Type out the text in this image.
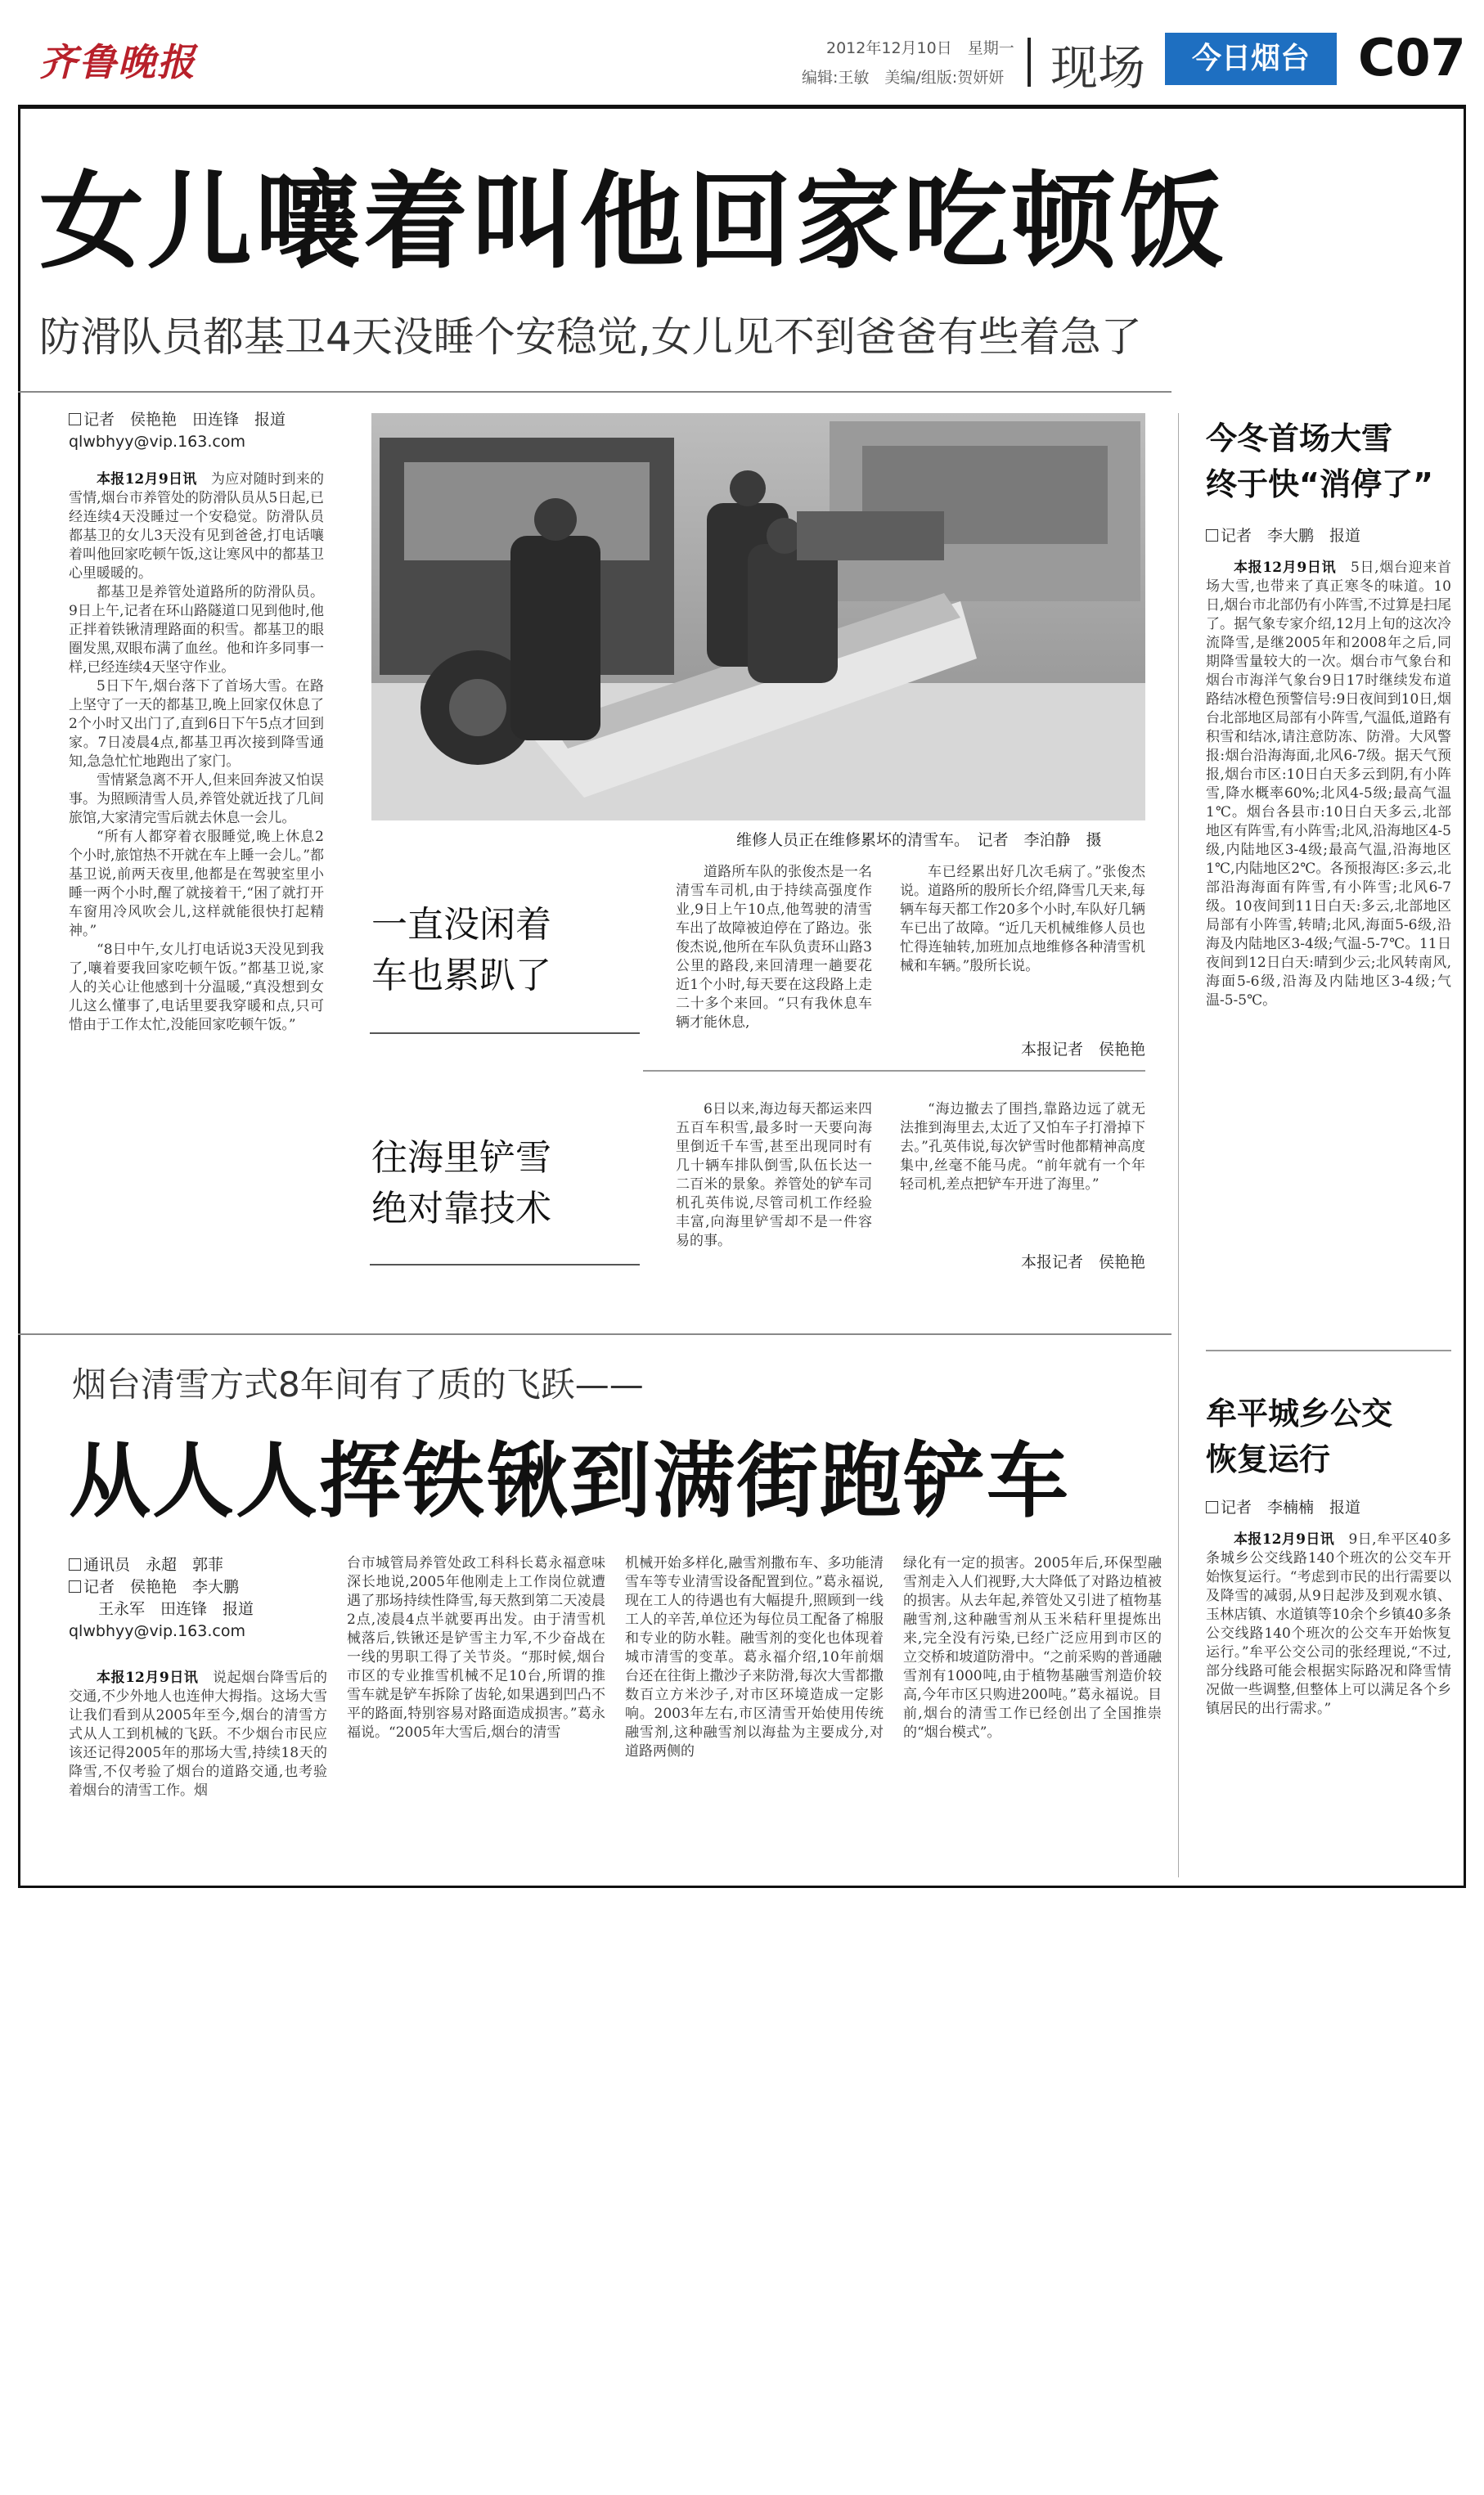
齐鲁晚报	2012年12月10日　星期一
编辑:王敏　美编/组版:贺妍妍 现场	今日烟台 C07
女儿嚷着叫他回家吃顿饭
防滑队员都基卫4天没睡个安稳觉,女儿见不到爸爸有些着急了
记者　侯艳艳　田连锋　报道
qlwbhyy@vip.163.com

本报12月9日讯　 为应对随时到来的雪情,烟台市养管处的防滑队员从5日起,已经连续4天没睡过一个安稳觉。防滑队员都基卫的女儿3天没有见到爸爸,打电话嚷着叫他回家吃顿午饭,这让寒风中的都基卫心里暖暖的。

都基卫是养管处道路所的防滑队员。9日上午,记者在环山路隧道口见到他时,他正拌着铁锹清理路面的积雪。都基卫的眼圈发黑,双眼布满了血丝。他和许多同事一样,已经连续4天坚守作业。

5日下午,烟台落下了首场大雪。在路上坚守了一天的都基卫,晚上回家仅休息了2个小时又出门了,直到6日下午5点才回到家。7日凌晨4点,都基卫再次接到降雪通知,急急忙忙地跑出了家门。

雪情紧急离不开人,但来回奔波又怕误事。为照顾清雪人员,养管处就近找了几间旅馆,大家清完雪后就去休息一会儿。

“所有人都穿着衣服睡觉,晚上休息2个小时,旅馆热不开就在车上睡一会儿。”都基卫说,前两天夜里,他都是在驾驶室里小睡一两个小时,醒了就接着干,“困了就打开车窗用冷风吹会儿,这样就能很快打起精神。”

“8日中午,女儿打电话说3天没见到我了,嚷着要我回家吃顿午饭。”都基卫说,家人的关心让他感到十分温暖,“真没想到女儿这么懂事了,电话里要我穿暖和点,只可惜由于工作太忙,没能回家吃顿午饭。”

维修人员正在维修累坏的清雪车。　记者　李泊静　摄
一直没闲着
车也累趴了
往海里铲雪
绝对靠技术

道路所车队的张俊杰是一名清雪车司机,由于持续高强度作业,9日上午10点,他驾驶的清雪车出了故障被迫停在了路边。张俊杰说,他所在车队负责环山路3公里的路段,来回清理一趟要花近1个小时,每天要在这段路上走二十多个来回。“只有我休息车辆才能休息,

车已经累出好几次毛病了。”张俊杰说。道路所的殷所长介绍,降雪几天来,每辆车每天都工作20多个小时,车队好几辆车已出了故障。“近几天机械维修人员也忙得连轴转,加班加点地维修各种清雪机械和车辆。”殷所长说。

本报记者　侯艳艳

6日以来,海边每天都运来四五百车积雪,最多时一天要向海里倒近千车雪,甚至出现同时有几十辆车排队倒雪,队伍长达一二百米的景象。养管处的铲车司机孔英伟说,尽管司机工作经验丰富,向海里铲雪却不是一件容易的事。

“海边撤去了围挡,靠路边远了就无法推到海里去,太近了又怕车子打滑掉下去。”孔英伟说,每次铲雪时他都精神高度集中,丝毫不能马虎。“前年就有一个年轻司机,差点把铲车开进了海里。”

本报记者　侯艳艳
今冬首场大雪
终于快“消停了”
记者　李大鹏　报道

本报12月9日讯　 5日,烟台迎来首场大雪,也带来了真正寒冬的味道。10日,烟台市北部仍有小阵雪,不过算是扫尾了。据气象专家介绍,12月上旬的这次冷流降雪,是继2005年和2008年之后,同期降雪量较大的一次。烟台市气象台和烟台市海洋气象台9日17时继续发布道路结冰橙色预警信号:9日夜间到10日,烟台北部地区局部有小阵雪,气温低,道路有积雪和结冰,请注意防冻、防滑。大风警报:烟台沿海海面,北风6-7级。据天气预报,烟台市区:10日白天多云到阴,有小阵雪,降水概率60%;北风4-5级;最高气温1℃。烟台各县市:10日白天多云,北部地区有阵雪,有小阵雪;北风,沿海地区4-5级,内陆地区3-4级;最高气温,沿海地区1℃,内陆地区2℃。各预报海区:多云,北部沿海海面有阵雪,有小阵雪;北风6-7级。10夜间到11日白天:多云,北部地区局部有小阵雪,转晴;北风,海面5-6级,沿海及内陆地区3-4级;气温-5-7℃。11日夜间到12日白天:晴到少云;北风转南风,海面5-6级,沿海及内陆地区3-4级;气温-5-5℃。

牟平城乡公交
恢复运行
记者　李楠楠　报道

本报12月9日讯　 9日,牟平区40多条城乡公交线路140个班次的公交车开始恢复运行。“考虑到市民的出行需要以及降雪的减弱,从9日起涉及到观水镇、玉林店镇、水道镇等10余个乡镇40多条公交线路140个班次的公交车开始恢复运行。”牟平公交公司的张经理说,“不过,部分线路可能会根据实际路况和降雪情况做一些调整,但整体上可以满足各个乡镇居民的出行需求。”

烟台清雪方式8年间有了质的飞跃——
从人人挥铁锹到满街跑铲车
通讯员　永超　郭菲
记者　侯艳艳　李大鹏
王永军　田连锋　报道
qlwbhyy@vip.163.com

本报12月9日讯　 说起烟台降雪后的交通,不少外地人也连伸大拇指。这场大雪让我们看到从2005年至今,烟台的清雪方式从人工到机械的飞跃。不少烟台市民应该还记得2005年的那场大雪,持续18天的降雪,不仅考验了烟台的道路交通,也考验着烟台的清雪工作。烟

台市城管局养管处政工科科长葛永福意味深长地说,2005年他刚走上工作岗位就遭遇了那场持续性降雪,每天熬到第二天凌晨2点,凌晨4点半就要再出发。由于清雪机械落后,铁锹还是铲雪主力军,不少奋战在一线的男职工得了关节炎。“那时候,烟台市区的专业推雪机械不足10台,所谓的推雪车就是铲车拆除了齿轮,如果遇到凹凸不平的路面,特别容易对路面造成损害。”葛永福说。“2005年大雪后,烟台的清雪

机械开始多样化,融雪剂撒布车、多功能清雪车等专业清雪设备配置到位。”葛永福说,现在工人的待遇也有大幅提升,照顾到一线工人的辛苦,单位还为每位员工配备了棉服和专业的防水鞋。融雪剂的变化也体现着城市清雪的变革。葛永福介绍,10年前烟台还在往街上撒沙子来防滑,每次大雪都撒数百立方米沙子,对市区环境造成一定影响。2003年左右,市区清雪开始使用传统融雪剂,这种融雪剂以海盐为主要成分,对道路两侧的

绿化有一定的损害。2005年后,环保型融雪剂走入人们视野,大大降低了对路边植被的损害。从去年起,养管处又引进了植物基融雪剂,这种融雪剂从玉米秸秆里提炼出来,完全没有污染,已经广泛应用到市区的立交桥和坡道防滑中。“之前采购的普通融雪剂有1000吨,由于植物基融雪剂造价较高,今年市区只购进200吨。”葛永福说。目前,烟台的清雪工作已经创出了全国推崇的“烟台模式”。
